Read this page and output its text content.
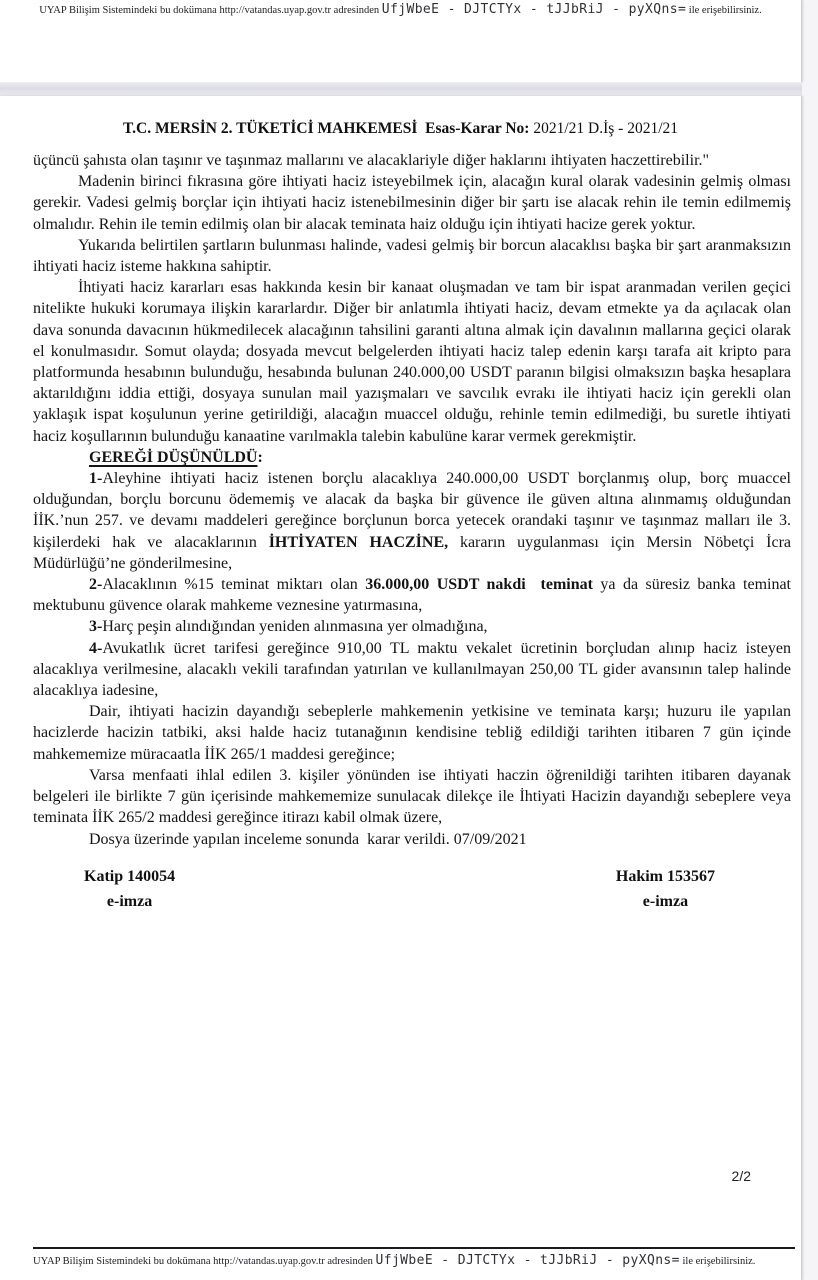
UYAP Bilişim Sistemindeki bu dokümana http://vatandas.uyap.gov.tr adresinden UfjWbeE - DJTCTYx - tJJbRiJ - pyXQns= ile erişebilirsiniz.
T.C. MERSİN 2. TÜKETİCİ MAHKEMESİ  Esas-Karar No: 2021/21 D.İş - 2021/21

üçüncü şahısta olan taşınır ve taşınmaz mallarını ve alacaklariyle diğer haklarını ihtiyaten haczettirebilir."

Madenin birinci fıkrasına göre ihtiyati haciz isteyebilmek için, alacağın kural olarak vadesinin gelmiş olması gerekir. Vadesi gelmiş borçlar için ihtiyati haciz istenebilmesinin diğer bir şartı ise alacak rehin ile temin edilmemiş olmalıdır. Rehin ile temin edilmiş olan bir alacak teminata haiz olduğu için ihtiyati hacize gerek yoktur.

Yukarıda belirtilen şartların bulunması halinde, vadesi gelmiş bir borcun alacaklısı başka bir şart aranmaksızın ihtiyati haciz isteme hakkına sahiptir.

İhtiyati haciz kararları esas hakkında kesin bir kanaat oluşmadan ve tam bir ispat aranmadan verilen geçici nitelikte hukuki korumaya ilişkin kararlardır. Diğer bir anlatımla ihtiyati haciz, devam etmekte ya da açılacak olan dava sonunda davacının hükmedilecek alacağının tahsilini garanti altına almak için davalının mallarına geçici olarak el konulmasıdır. Somut olayda; dosyada mevcut belgelerden ihtiyati haciz talep edenin karşı tarafa ait kripto para platformunda hesabının bulunduğu, hesabında bulunan 240.000,00 USDT paranın bilgisi olmaksızın başka hesaplara aktarıldığını iddia ettiği, dosyaya sunulan mail yazışmaları ve savcılık evrakı ile ihtiyati haciz için gerekli olan yaklaşık ispat koşulunun yerine getirildiği, alacağın muaccel olduğu, rehinle temin edilmediği, bu suretle ihtiyati haciz koşullarının bulunduğu kanaatine varılmakla talebin kabulüne karar vermek gerekmiştir.

GEREĞİ DÜŞÜNÜLDÜ:

1-Aleyhine ihtiyati haciz istenen borçlu alacaklıya 240.000,00 USDT borçlanmış olup, borç muaccel olduğundan, borçlu borcunu ödememiş ve alacak da başka bir güvence ile güven altına alınmamış olduğundan İİK.’nun 257. ve devamı maddeleri gereğince borçlunun borca yetecek orandaki taşınır ve taşınmaz malları ile 3. kişilerdeki hak ve alacaklarının İHTİYATEN HACZİNE, kararın uygulanması için Mersin Nöbetçi İcra Müdürlüğü’ne gönderilmesine,

2-Alacaklının %15 teminat miktarı olan 36.000,00 USDT nakdi  teminat ya da süresiz banka teminat mektubunu güvence olarak mahkeme veznesine yatırmasına,

3-Harç peşin alındığından yeniden alınmasına yer olmadığına,

4-Avukatlık ücret tarifesi gereğince 910,00 TL maktu vekalet ücretinin borçludan alınıp haciz isteyen alacaklıya verilmesine, alacaklı vekili tarafından yatırılan ve kullanılmayan 250,00 TL gider avansının talep halinde alacaklıya iadesine,

Dair, ihtiyati hacizin dayandığı sebeplerle mahkemenin yetkisine ve teminata karşı; huzuru ile yapılan hacizlerde hacizin tatbiki, aksi halde haciz tutanağının kendisine tebliğ edildiği tarihten itibaren 7 gün içinde mahkememize müracaatla İİK 265/1 maddesi gereğince;

Varsa menfaati ihlal edilen 3. kişiler yönünden ise ihtiyati haczin öğrenildiği tarihten itibaren dayanak belgeleri ile birlikte 7 gün içerisinde mahkememize sunulacak dilekçe ile İhtiyati Hacizin dayandığı sebeplere veya teminata İİK 265/2 maddesi gereğince itirazı kabil olmak üzere,

Dosya üzerinde yapılan inceleme sonunda  karar verildi. 07/09/2021

Katip 140054
e-imza
Hakim 153567
e-imza
2/2
UYAP Bilişim Sistemindeki bu dokümana http://vatandas.uyap.gov.tr adresinden UfjWbeE - DJTCTYx - tJJbRiJ - pyXQns= ile erişebilirsiniz.
